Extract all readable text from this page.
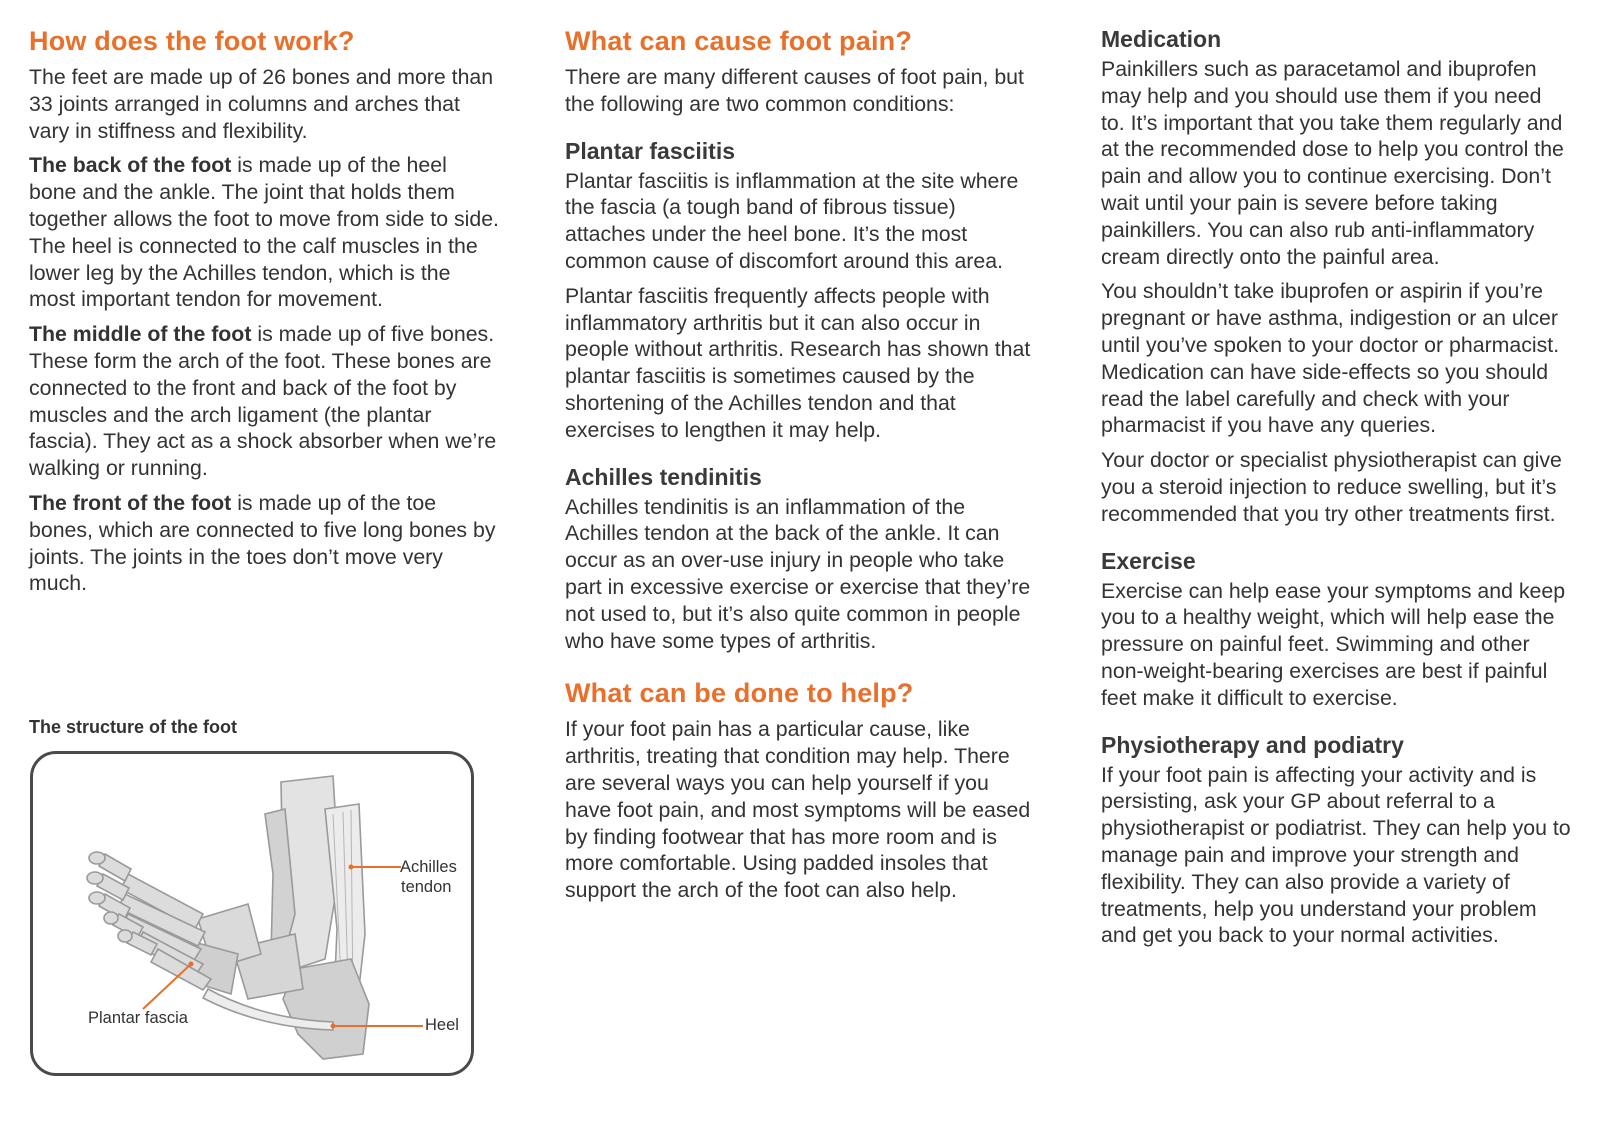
How does the foot work?

The feet are made up of 26 bones and more than 33 joints arranged in columns and arches that vary in stiffness and flexibility.

The back of the foot is made up of the heel bone and the ankle. The joint that holds them together allows the foot to move from side to side. The heel is connected to the calf muscles in the lower leg by the Achilles tendon, which is the most important tendon for movement.

The middle of the foot is made up of five bones. These form the arch of the foot. These bones are connected to the front and back of the foot by muscles and the arch ligament (the plantar fascia). They act as a shock absorber when we’re walking or running.

The front of the foot is made up of the toe bones, which are connected to five long bones by joints. The joints in the toes don’t move very much.

The structure of the foot
Achilles
tendon
Plantar fascia	Heel
What can cause foot pain?

There are many different causes of foot pain, but the following are two common conditions:

Plantar fasciitis

Plantar fasciitis is inflammation at the site where the fascia (a tough band of fibrous tissue) attaches under the heel bone. It’s the most common cause of discomfort around this area.

Plantar fasciitis frequently affects people with inflammatory arthritis but it can also occur in people without arthritis. Research has shown that plantar fasciitis is sometimes caused by the shortening of the Achilles tendon and that exercises to lengthen it may help.

Achilles tendinitis

Achilles tendinitis is an inflammation of the Achilles tendon at the back of the ankle. It can occur as an over-use injury in people who take part in excessive exercise or exercise that they’re not used to, but it’s also quite common in people who have some types of arthritis.

What can be done to help?

If your foot pain has a particular cause, like arthritis, treating that condition may help. There are several ways you can help yourself if you have foot pain, and most symptoms will be eased by finding footwear that has more room and is more comfortable. Using padded insoles that support the arch of the foot can also help.

Medication

Painkillers such as paracetamol and ibuprofen may help and you should use them if you need to. It’s important that you take them regularly and at the recommended dose to help you control the pain and allow you to continue exercising. Don’t wait until your pain is severe before taking painkillers. You can also rub anti-inflammatory cream directly onto the painful area.

You shouldn’t take ibuprofen or aspirin if you’re pregnant or have asthma, indigestion or an ulcer until you’ve spoken to your doctor or pharmacist. Medication can have side-effects so you should read the label carefully and check with your pharmacist if you have any queries.

Your doctor or specialist physiotherapist can give you a steroid injection to reduce swelling, but it’s recommended that you try other treatments first.

Exercise

Exercise can help ease your symptoms and keep you to a healthy weight, which will help ease the pressure on painful feet. Swimming and other non-weight-bearing exercises are best if painful feet make it difficult to exercise.

Physiotherapy and podiatry

If your foot pain is affecting your activity and is persisting, ask your GP about referral to a physiotherapist or podiatrist. They can help you to manage pain and improve your strength and flexibility. They can also provide a variety of treatments, help you understand your problem and get you back to your normal activities.
